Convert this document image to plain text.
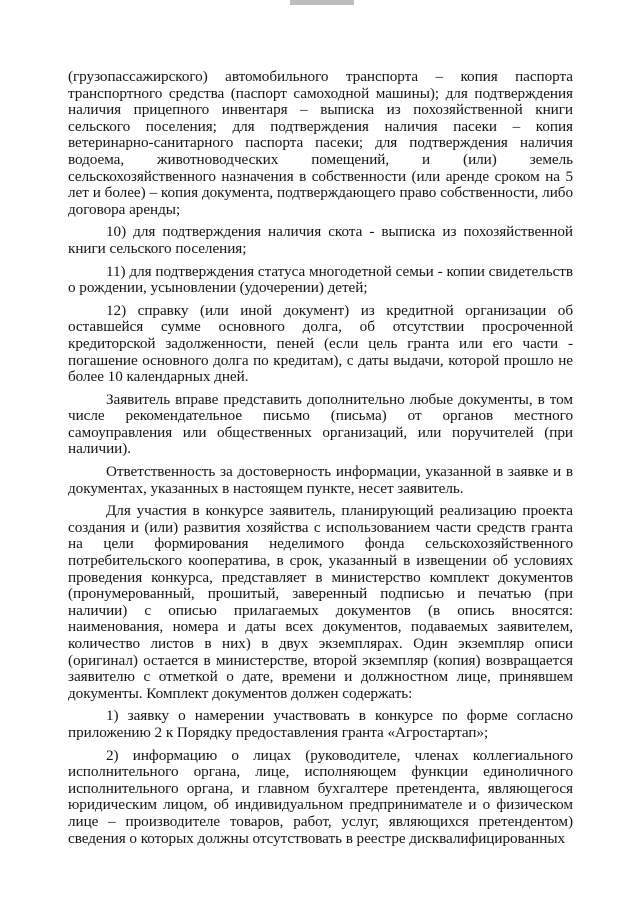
(грузопассажирского) автомобильного транспорта – копия паспорта транспортного средства (паспорт самоходной машины); для подтверждения наличия прицепного инвентаря – выписка из похозяйственной книги сельского поселения; для подтверждения наличия пасеки – копия ветеринарно-санитарного паспорта пасеки; для подтверждения наличия водоема, животноводческих помещений, и (или) земель сельскохозяйственного назначения в собственности (или аренде сроком на 5 лет и более) – копия документа, подтверждающего право собственности, либо договора аренды;

10) для подтверждения наличия скота - выписка из похозяйственной книги сельского поселения;

11) для подтверждения статуса многодетной семьи - копии свидетельств о рождении, усыновлении (удочерении) детей;

12) справку (или иной документ) из кредитной организации об оставшейся сумме основного долга, об отсутствии просроченной кредиторской задолженности, пеней (если цель гранта или его части - погашение основного долга по кредитам), с даты выдачи, которой прошло не более 10 календарных дней.

Заявитель вправе представить дополнительно любые документы, в том числе рекомендательное письмо (письма) от органов местного самоуправления или общественных организаций, или поручителей (при наличии).

Ответственность за достоверность информации, указанной в заявке и в документах, указанных в настоящем пункте, несет заявитель.

Для участия в конкурсе заявитель, планирующий реализацию проекта создания и (или) развития хозяйства с использованием части средств гранта на цели формирования неделимого фонда сельскохозяйственного потребительского кооператива, в срок, указанный в извещении об условиях проведения конкурса, представляет в министерство комплект документов (пронумерованный, прошитый, заверенный подписью и печатью (при наличии) с описью прилагаемых документов (в опись вносятся: наименования, номера и даты всех документов, подаваемых заявителем, количество листов в них) в двух экземплярах. Один экземпляр описи (оригинал) остается в министерстве, второй экземпляр (копия) возвращается заявителю с отметкой о дате, времени и должностном лице, принявшем документы. Комплект документов должен содержать:

1) заявку о намерении участвовать в конкурсе по форме согласно приложению 2 к Порядку предоставления гранта «Агростартап»;

2) информацию о лицах (руководителе, членах коллегиального исполнительного органа, лице, исполняющем функции единоличного исполнительного органа, и главном бухгалтере претендента, являющегося юридическим лицом, об индивидуальном предпринимателе и о физическом лице – производителе товаров, работ, услуг, являющихся претендентом) сведения о которых должны отсутствовать в реестре дисквалифицированных
